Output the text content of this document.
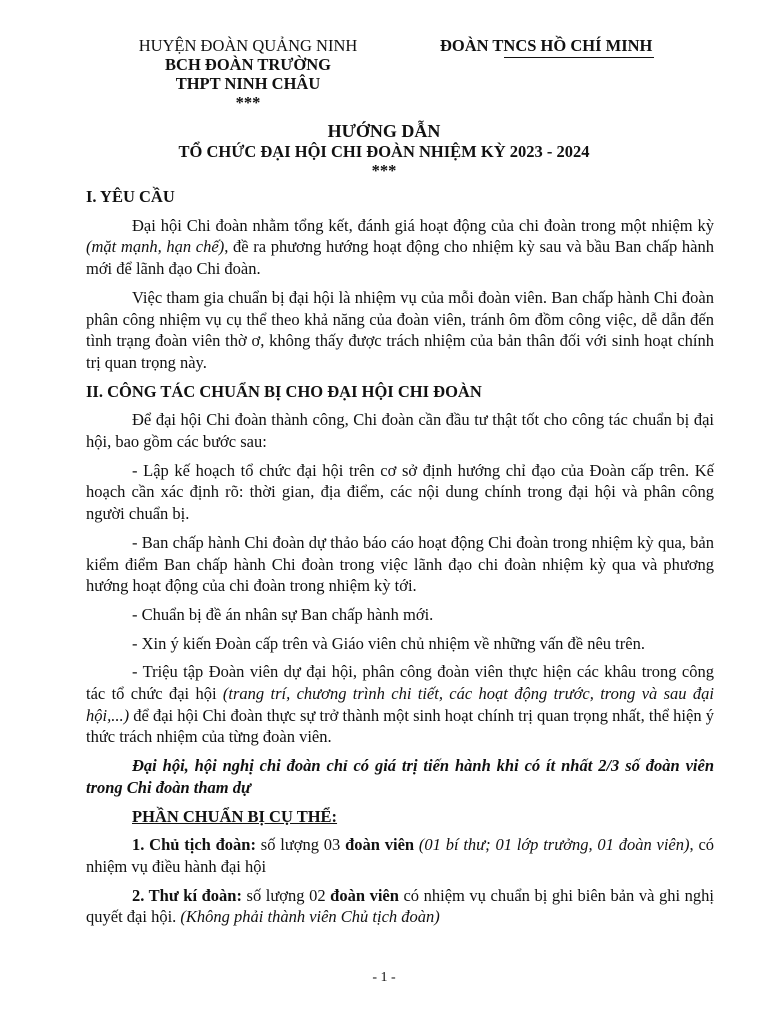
HUYỆN ĐOÀN QUẢNG NINH
BCH ĐOÀN TRƯỜNG
THPT NINH CHÂU
***
ĐOÀN TNCS HỒ CHÍ MINH
HƯỚNG DẪN
TỔ CHỨC ĐẠI HỘI CHI ĐOÀN NHIỆM KỲ 2023 - 2024
***
I. YÊU CẦU

Đại hội Chi đoàn nhằm tổng kết, đánh giá hoạt động của chi đoàn trong một nhiệm kỳ (mặt mạnh, hạn chế), đề ra phương hướng hoạt động cho nhiệm kỳ sau và bầu Ban chấp hành mới để lãnh đạo Chi đoàn.

Việc tham gia chuẩn bị đại hội là nhiệm vụ của mỗi đoàn viên. Ban chấp hành Chi đoàn phân công nhiệm vụ cụ thể theo khả năng của đoàn viên, tránh ôm đồm công việc, dễ dẫn đến tình trạng đoàn viên thờ ơ, không thấy được trách nhiệm của bản thân đối với sinh hoạt chính trị quan trọng này.

II. CÔNG TÁC CHUẨN BỊ CHO ĐẠI HỘI CHI ĐOÀN

Để đại hội Chi đoàn thành công, Chi đoàn cần đầu tư thật tốt cho công tác chuẩn bị đại hội, bao gồm các bước sau:

- Lập kế hoạch tổ chức đại hội trên cơ sở định hướng chỉ đạo của Đoàn cấp trên. Kế hoạch cần xác định rõ: thời gian, địa điểm, các nội dung chính trong đại hội và phân công người chuẩn bị.

- Ban chấp hành Chi đoàn dự thảo báo cáo hoạt động Chi đoàn trong nhiệm kỳ qua, bản kiểm điểm Ban chấp hành Chi đoàn trong việc lãnh đạo chi đoàn nhiệm kỳ qua và phương hướng hoạt động của chi đoàn trong nhiệm kỳ tới.

- Chuẩn bị đề án nhân sự Ban chấp hành mới.

- Xin ý kiến Đoàn cấp trên và Giáo viên chủ nhiệm về những vấn đề nêu trên.

- Triệu tập Đoàn viên dự đại hội, phân công đoàn viên thực hiện các khâu trong công tác tổ chức đại hội (trang trí, chương trình chi tiết, các hoạt động trước, trong và sau đại hội,...) để đại hội Chi đoàn thực sự trở thành một sinh hoạt chính trị quan trọng nhất, thể hiện ý thức trách nhiệm của từng đoàn viên.

Đại hội, hội nghị chi đoàn chỉ có giá trị tiến hành khi có ít nhất 2/3 số đoàn viên trong Chi đoàn tham dự

PHẦN CHUẨN BỊ CỤ THỂ:

1. Chủ tịch đoàn: số lượng 03 đoàn viên (01 bí thư; 01 lớp trưởng, 01 đoàn viên), có nhiệm vụ điều hành đại hội

2. Thư kí đoàn: số lượng 02 đoàn viên có nhiệm vụ chuẩn bị ghi biên bản và ghi nghị quyết đại hội. (Không phải thành viên Chủ tịch đoàn)

- 1 -
